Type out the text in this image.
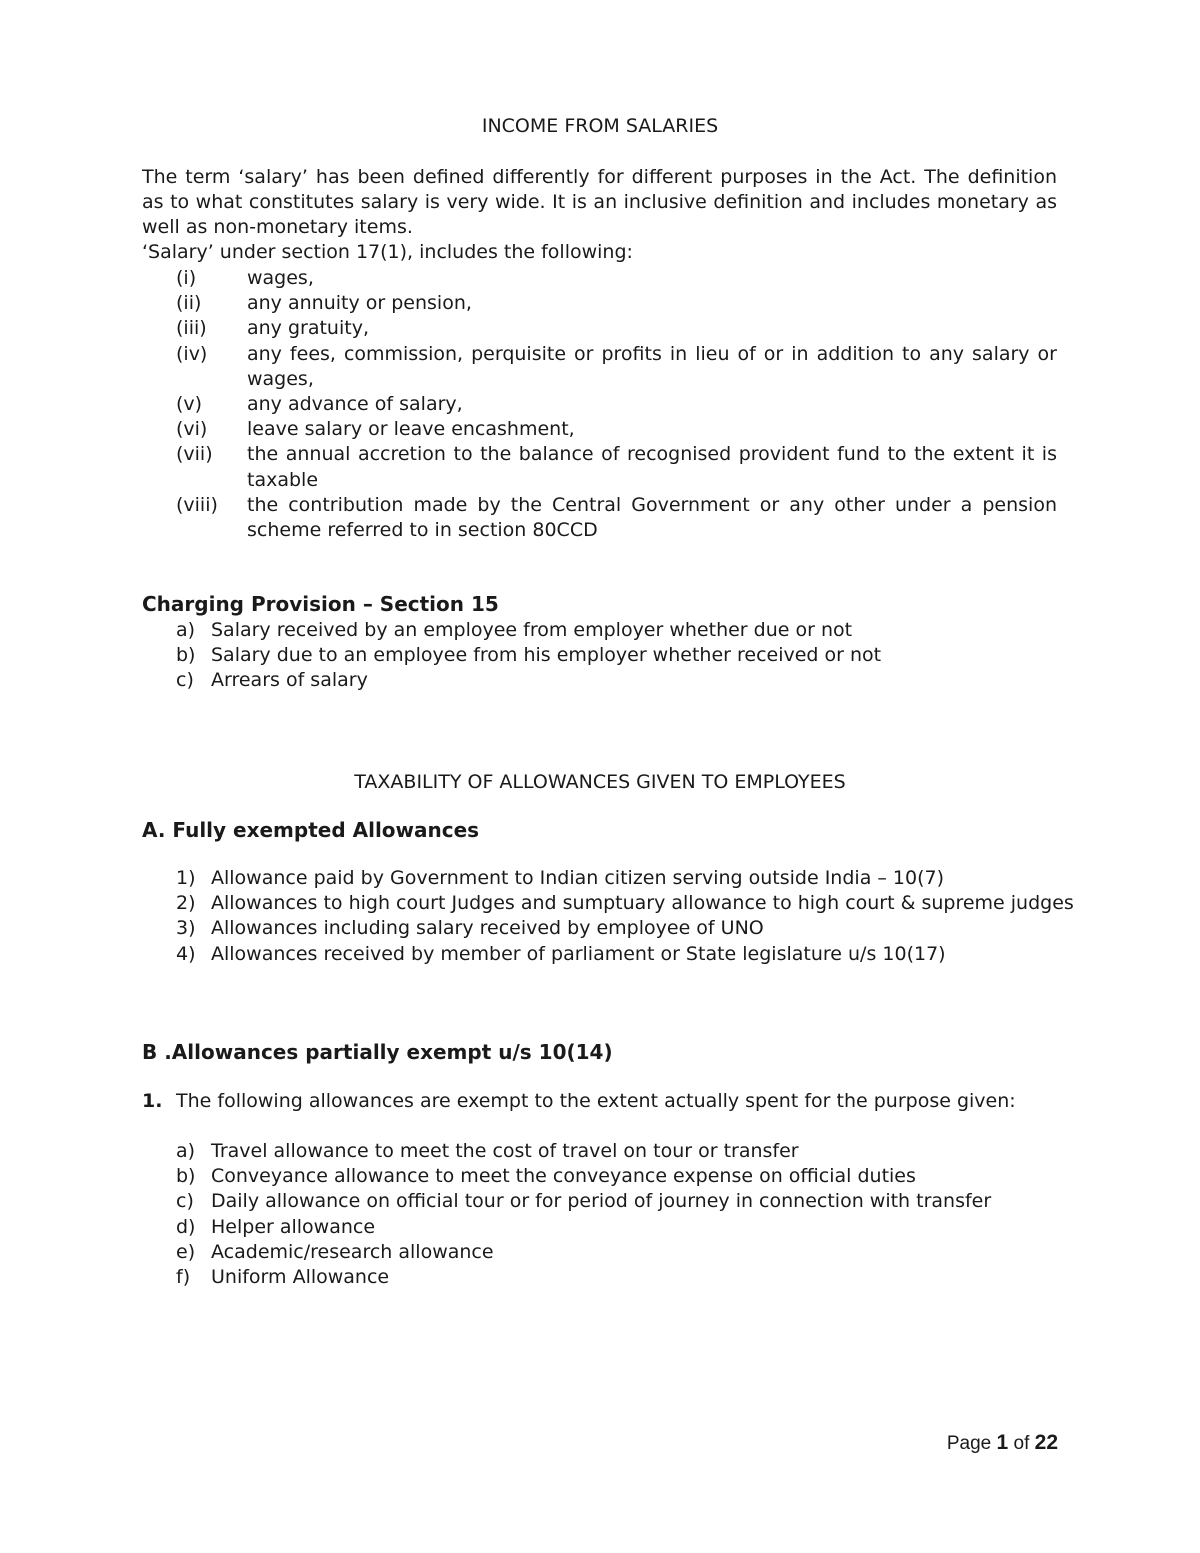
INCOME FROM SALARIES
The term ‘salary’ has been defined differently for different purposes in the Act. The definition as to what constitutes salary is very wide. It is an inclusive definition and includes monetary as well as non-monetary items.
‘Salary’ under section 17(1), includes the following:
(i)	wages,
(ii) any annuity or pension,
(iii) any gratuity,
(iv) any fees, commission, perquisite or profits in lieu of or in addition to any salary or wages,
(v) any advance of salary,
(vi) leave salary or leave encashment,
(vii) the annual accretion to the balance of recognised provident fund to the extent it is taxable
(viii) the contribution made by the Central Government or any other under a pension scheme referred to in section 80CCD
Charging Provision – Section 15
a) Salary received by an employee from employer whether due or not
b) Salary due to an employee from his employer whether received or not
c) Arrears of salary
TAXABILITY OF ALLOWANCES GIVEN TO EMPLOYEES
A. Fully exempted Allowances
1) Allowance paid by Government to Indian citizen serving outside India – 10(7)
2) Allowances to high court Judges and sumptuary allowance to high court & supreme judges
3) Allowances including salary received by employee of UNO
4) Allowances received by member of parliament or State legislature u/s 10(17)
B .Allowances partially exempt u/s 10(14)
1. The following allowances are exempt to the extent actually spent for the purpose given:
a) Travel allowance to meet the cost of travel on tour or transfer
b) Conveyance allowance to meet the conveyance expense on official duties
c) Daily allowance on official tour or for period of journey in connection with transfer
d) Helper allowance
e) Academic/research allowance
f) Uniform Allowance
Page 1 of 22
